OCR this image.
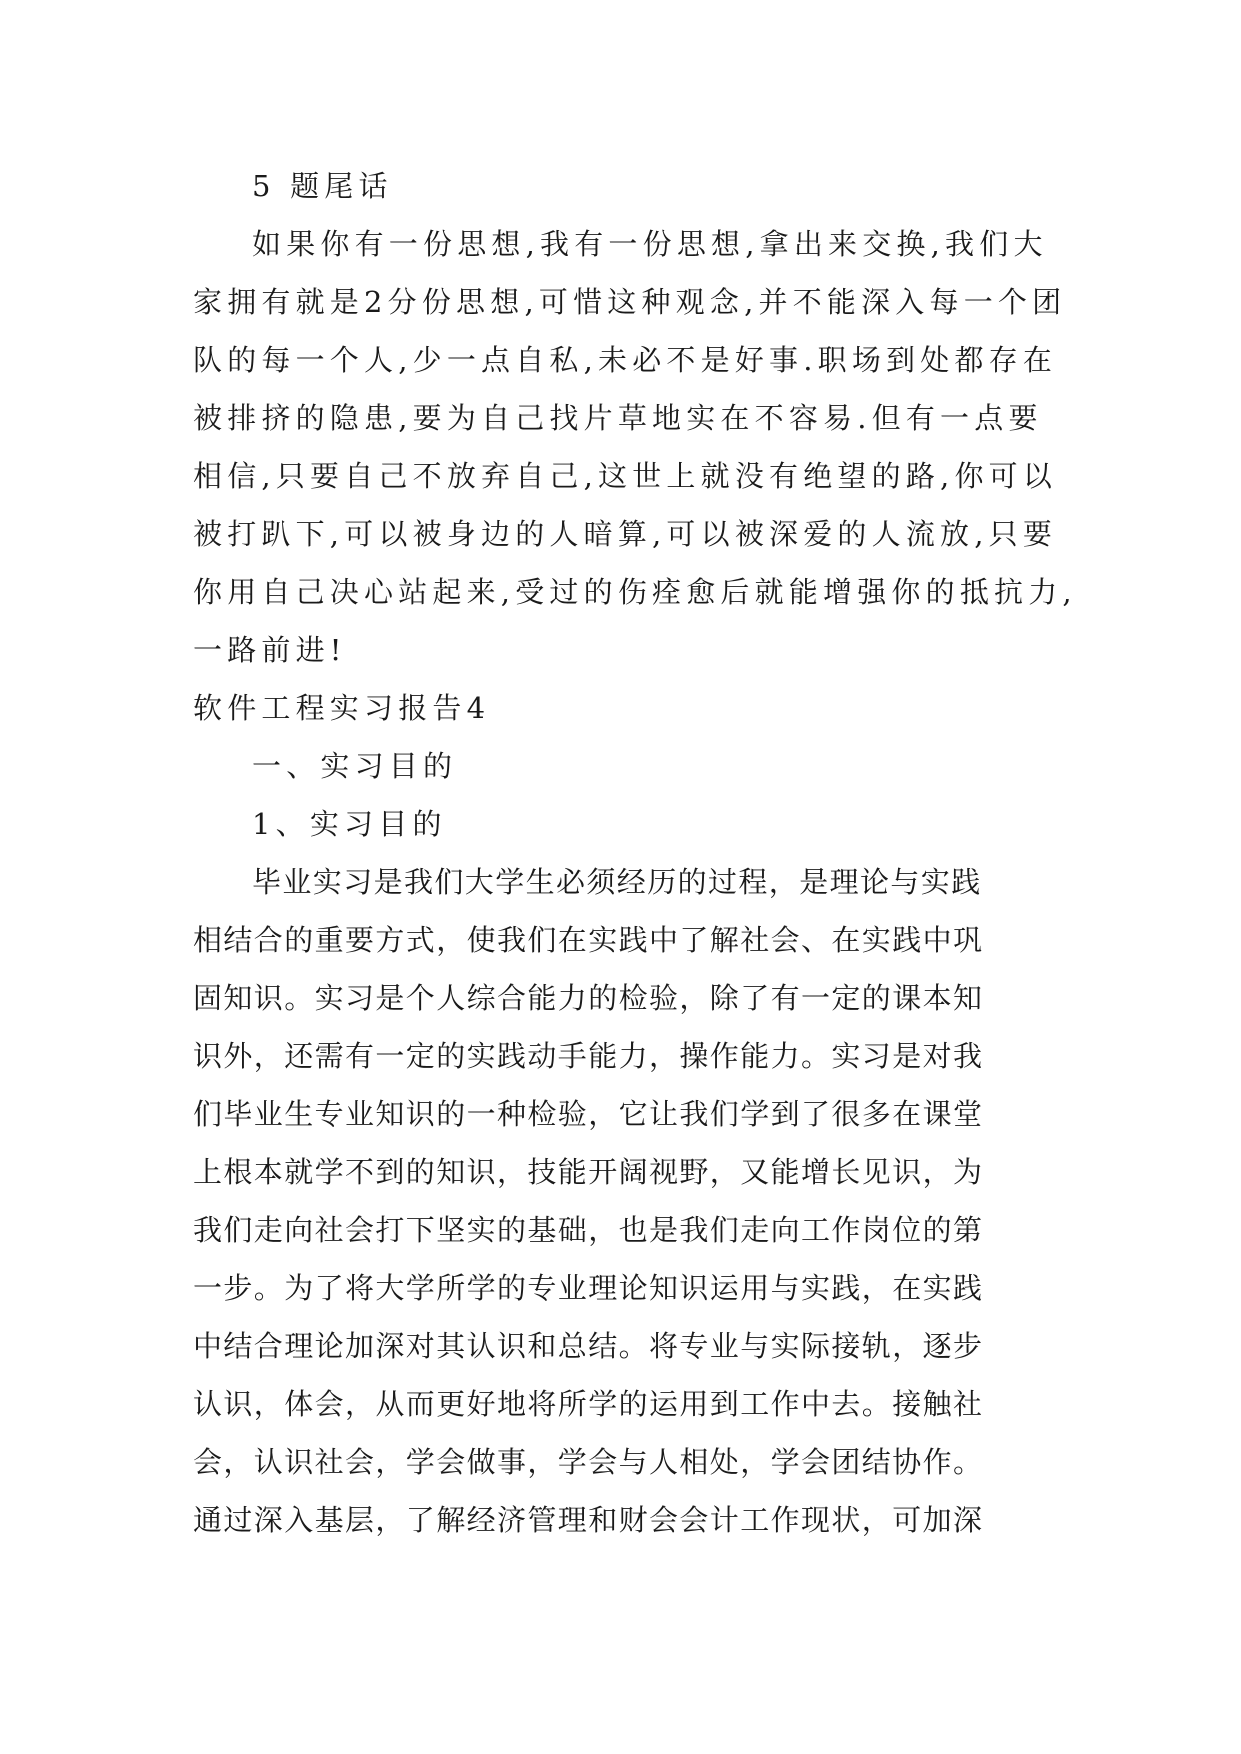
5 题尾话
如果你有一份思想,我有一份思想,拿出来交换,我们大
家拥有就是2分份思想,可惜这种观念,并不能深入每一个团
队的每一个人,少一点自私,未必不是好事.职场到处都存在
被排挤的隐患,要为自己找片草地实在不容易.但有一点要
相信,只要自己不放弃自己,这世上就没有绝望的路,你可以
被打趴下,可以被身边的人暗算,可以被深爱的人流放,只要
你用自己决心站起来,受过的伤痊愈后就能增强你的抵抗力,
一路前进!
软件工程实习报告4
一、实习目的
1、实习目的
毕业实习是我们大学生必须经历的过程，是理论与实践
相结合的重要方式，使我们在实践中了解社会、在实践中巩
固知识。实习是个人综合能力的检验，除了有一定的课本知
识外，还需有一定的实践动手能力，操作能力。实习是对我
们毕业生专业知识的一种检验，它让我们学到了很多在课堂
上根本就学不到的知识，技能开阔视野，又能增长见识，为
我们走向社会打下坚实的基础，也是我们走向工作岗位的第
一步。为了将大学所学的专业理论知识运用与实践，在实践
中结合理论加深对其认识和总结。将专业与实际接轨，逐步
认识，体会，从而更好地将所学的运用到工作中去。接触社
会，认识社会，学会做事，学会与人相处，学会团结协作。
通过深入基层，了解经济管理和财会会计工作现状，可加深
